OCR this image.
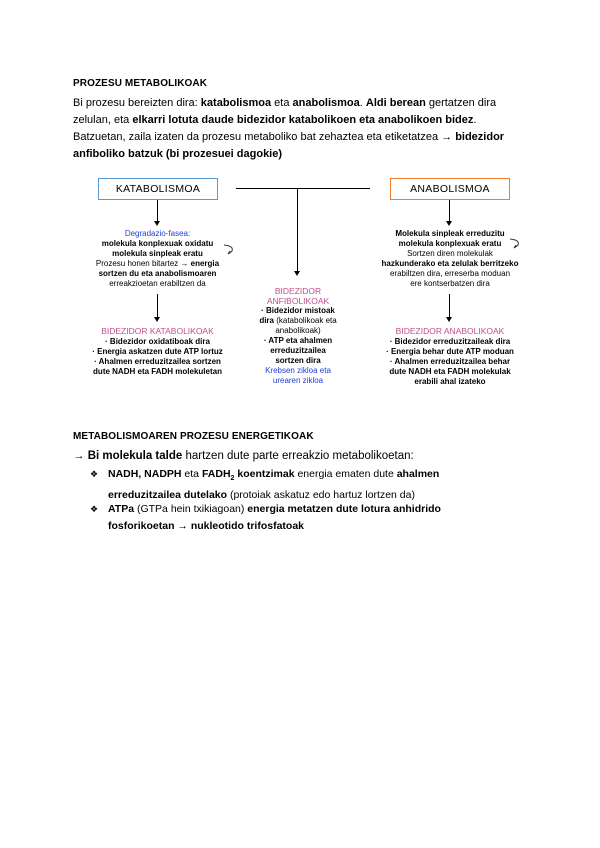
PROZESU METABOLIKOAK
Bi prozesu bereizten dira: katabolismoa eta anabolismoa. Aldi berean gertatzen dira
zelulan, eta elkarri lotuta daude bidezidor katabolikoen eta anabolikoen bidez.
Batzuetan, zaila izaten da prozesu metaboliko bat zehaztea eta etiketatzea → bidezidor
anfiboliko batzuk (bi prozesuei dagokie)
KATABOLISMOA	ANABOLISMOA
Degradazio-fasea:
molekula konplexuak oxidatu
molekula sinpleak eratu
Prozesu honen bitartez → energia
sortzen du eta anabolismoaren
erreakzioetan erabiltzen da
BIDEZIDOR KATABOLIKOAK
· Bidezidor oxidatiboak dira
· Energia askatzen dute ATP lortuz
· Ahalmen erreduzitzailea sortzen
dute NADH eta FADH molekuletan
Molekula sinpleak erreduzitu
molekula konplexuak eratu
Sortzen diren molekulak
hazkunderako eta zelulak berritzeko
erabiltzen dira, erreserba moduan
ere kontserbatzen dira
BIDEZIDOR ANABOLIKOAK
· Bidezidor erreduzitzaileak dira
· Energia behar dute ATP moduan
· Ahalmen erreduzitzailea behar
dute NADH eta FADH molekulak
erabili ahal izateko
BIDEZIDOR
ANFIBOLIKOAK
· Bidezidor mistoak
dira (katabolikoak eta
anabolikoak)
· ATP eta ahalmen
erreduzitzailea
sortzen dira
Krebsen zikloa eta
urearen zikloa
METABOLISMOAREN PROZESU ENERGETIKOAK
→ Bi molekula talde hartzen dute parte erreakzio metabolikoetan:
❖ NADH, NADPH eta $FADH_2$ koentzimak energia ematen dute ahalmen
erreduzitzailea dutelako (protoiak askatuz edo hartuz lortzen da)
❖ ATPa (GTPa hein txikiagoan) energia metatzen dute lotura anhidrido
fosforikoetan → nukleotido trifosfatoak
